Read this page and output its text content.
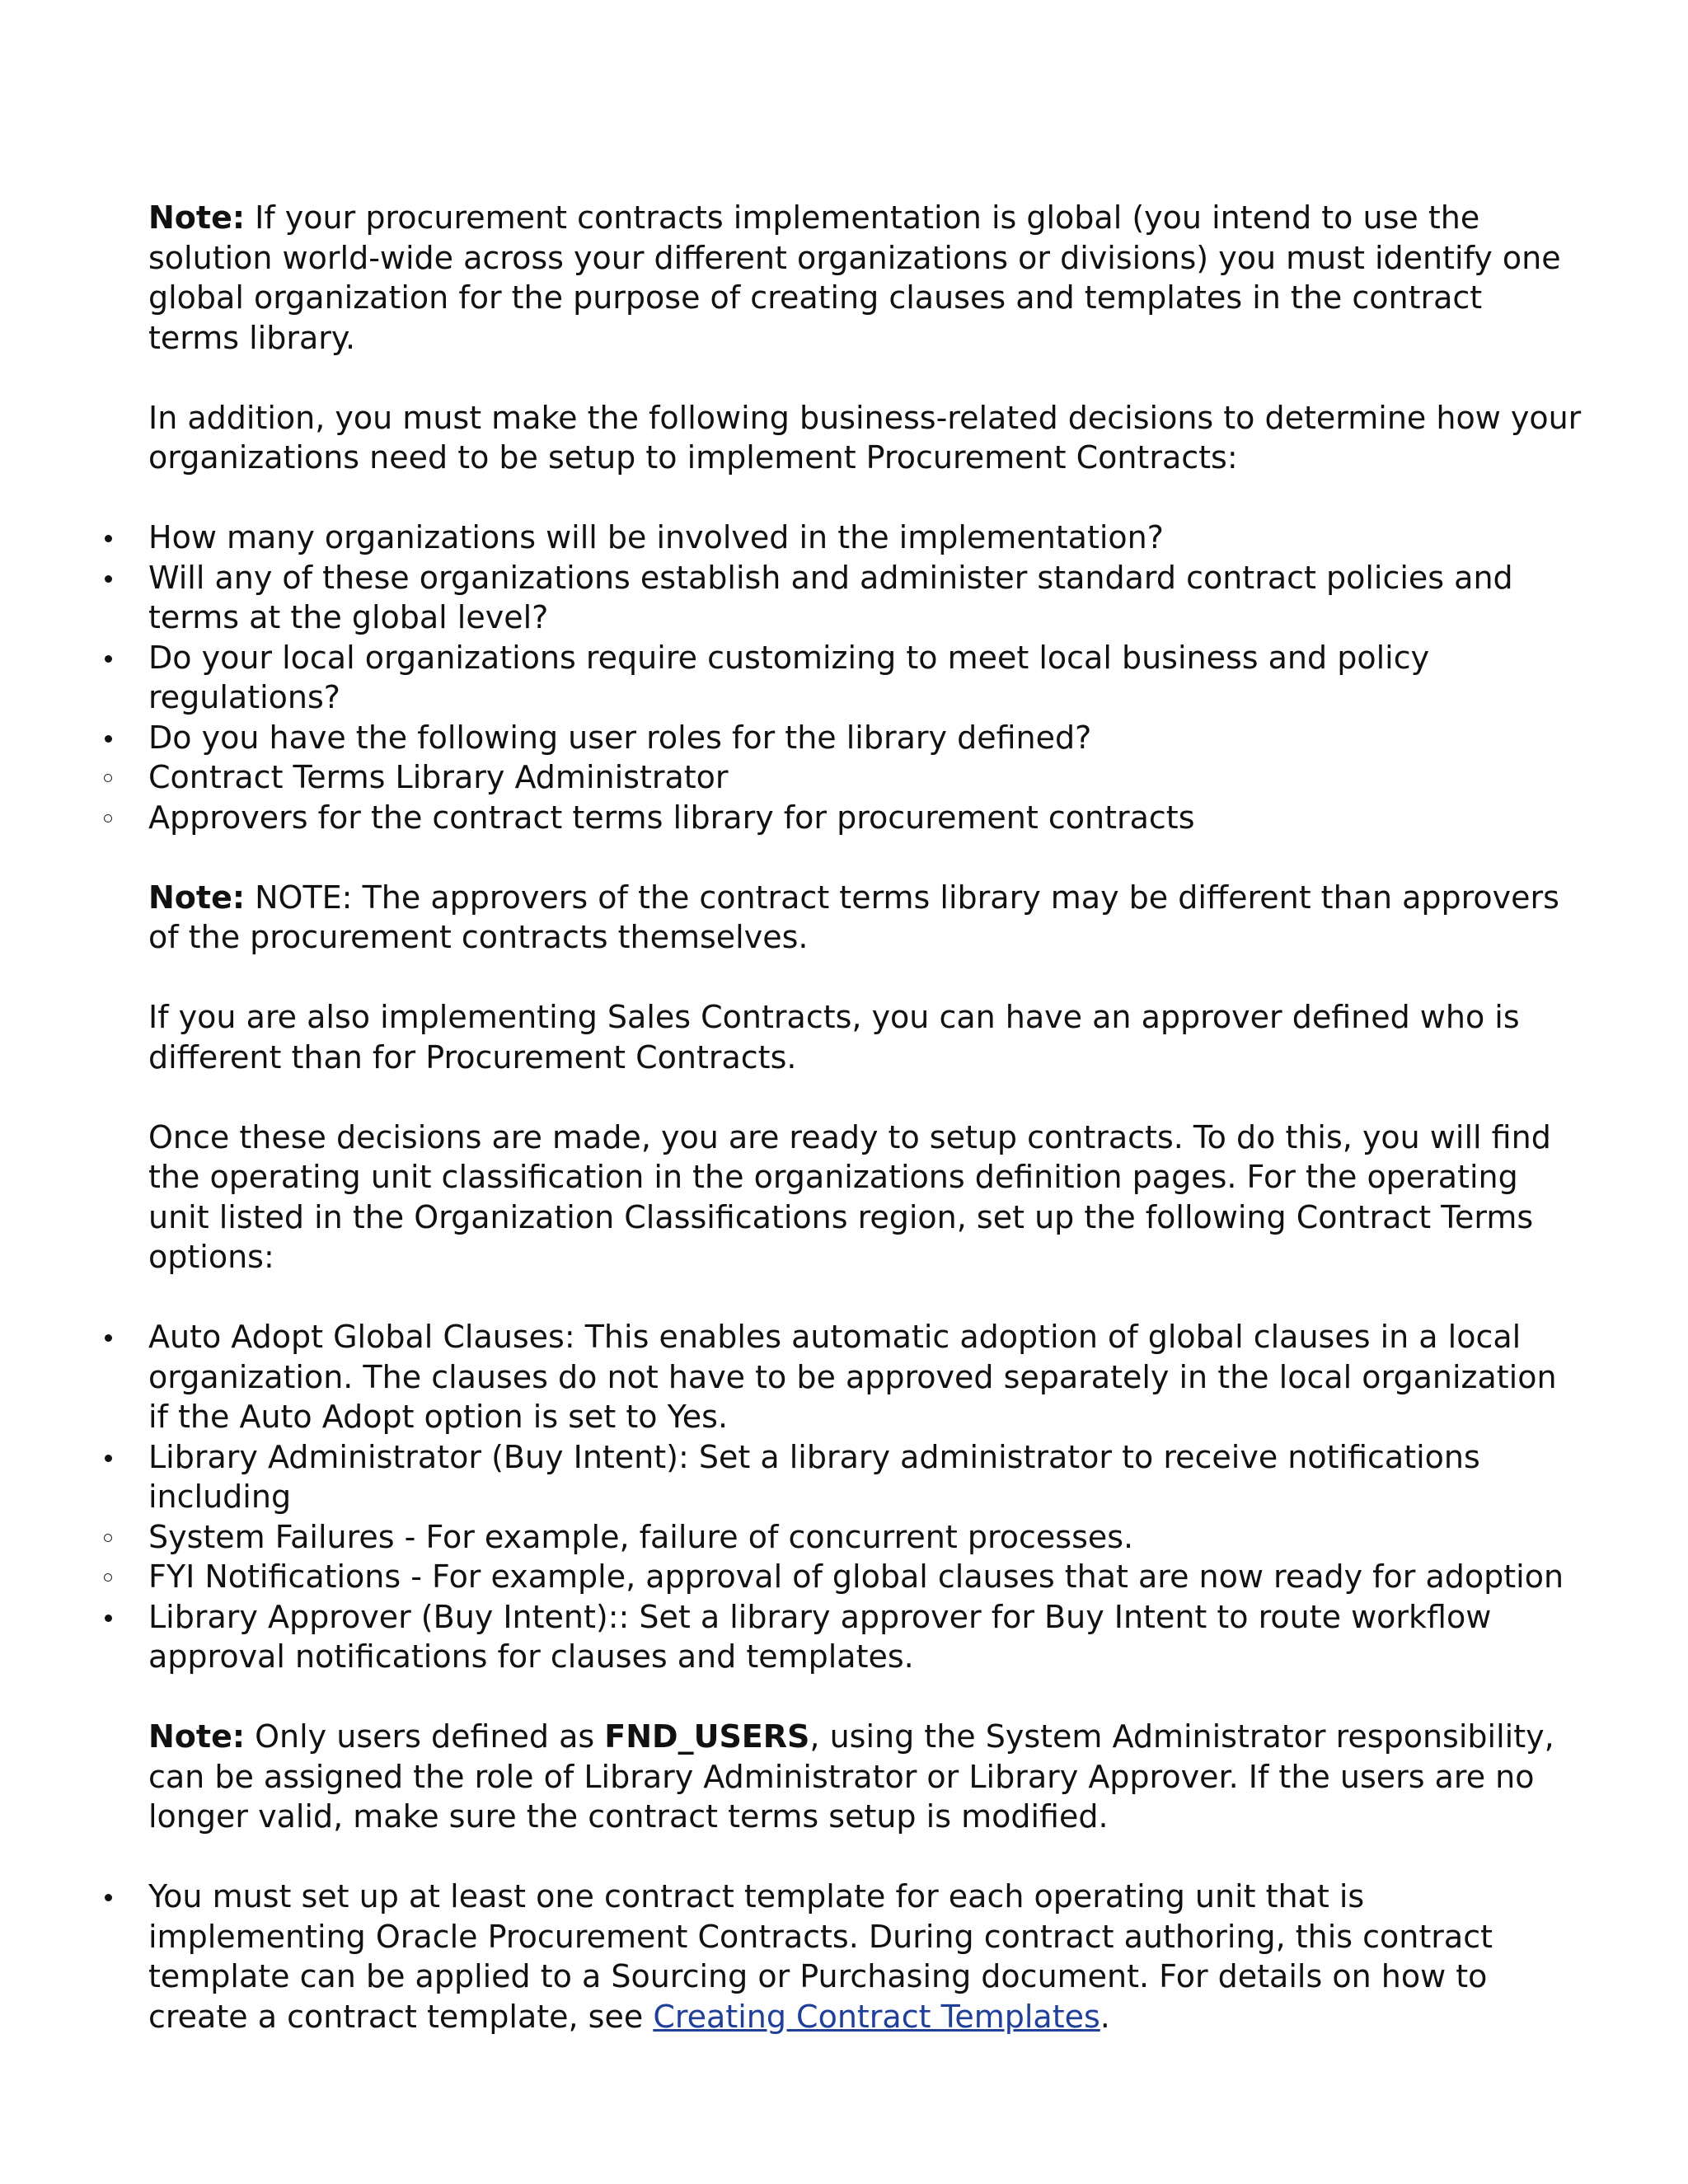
Note: If your procurement contracts implementation is global (you intend to use the solution world-wide across your different organizations or divisions) you must identify one global organization for the purpose of creating clauses and templates in the contract terms library.

In addition, you must make the following business-related decisions to determine how your organizations need to be setup to implement Procurement Contracts:

How many organizations will be involved in the implementation?
Will any of these organizations establish and administer standard contract policies and terms at the global level?
Do your local organizations require customizing to meet local business and policy regulations?
Do you have the following user roles for the library defined?
Contract Terms Library Administrator
Approvers for the contract terms library for procurement contracts

Note: NOTE: The approvers of the contract terms library may be different than approvers of the procurement contracts themselves.

If you are also implementing Sales Contracts, you can have an approver defined who is different than for Procurement Contracts.

Once these decisions are made, you are ready to setup contracts. To do this, you will find the operating unit classification in the organizations definition pages. For the operating unit listed in the Organization Classifications region, set up the following Contract Terms options:

Auto Adopt Global Clauses: This enables automatic adoption of global clauses in a local organization. The clauses do not have to be approved separately in the local organization if the Auto Adopt option is set to Yes.
Library Administrator (Buy Intent): Set a library administrator to receive notifications including
System Failures - For example, failure of concurrent processes.
FYI Notifications - For example, approval of global clauses that are now ready for adoption
Library Approver (Buy Intent):: Set a library approver for Buy Intent to route workflow approval notifications for clauses and templates.

Note: Only users defined as FND_USERS, using the System Administrator responsibility, can be assigned the role of Library Administrator or Library Approver. If the users are no longer valid, make sure the contract terms setup is modified.

You must set up at least one contract template for each operating unit that is implementing Oracle Procurement Contracts. During contract authoring, this contract template can be applied to a Sourcing or Purchasing document. For details on how to create a contract template, see Creating Contract Templates.
